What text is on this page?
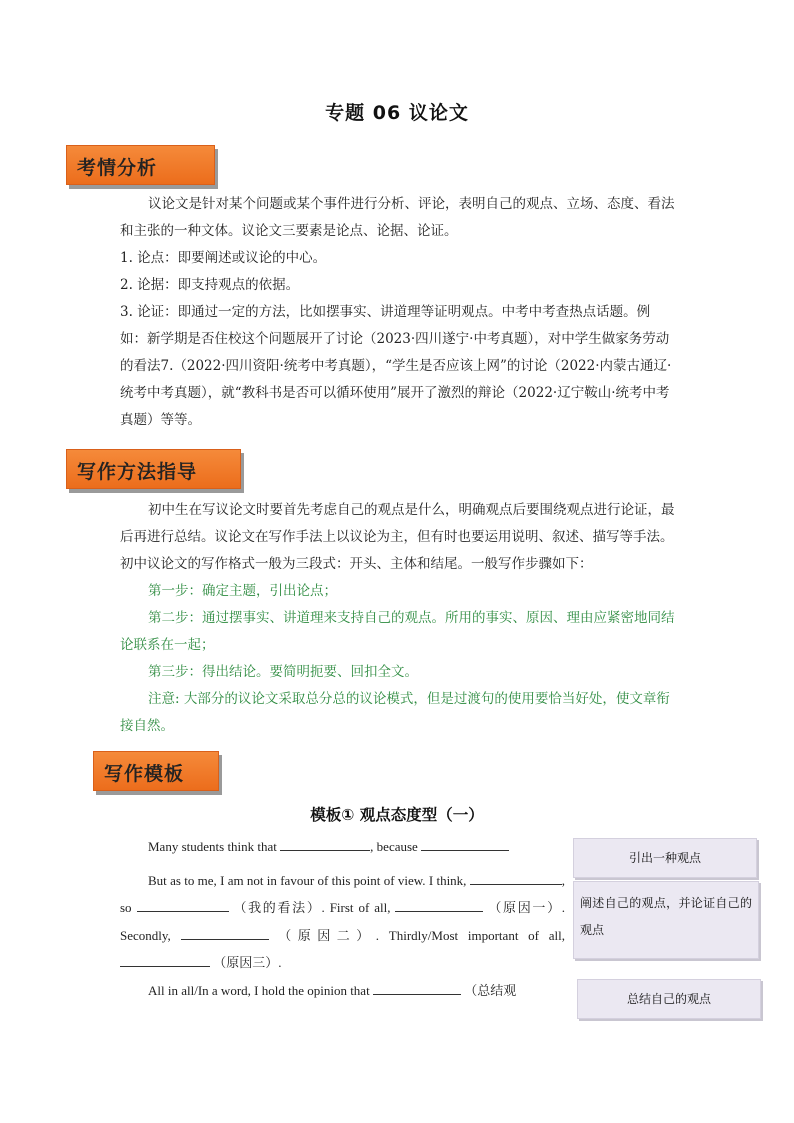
专题 06 议论文
考情分析

议论文是针对某个问题或某个事件进行分析、评论，表明自己的观点、立场、态度、看法和主张的一种文体。议论文三要素是论点、论据、论证。

1. 论点：即要阐述或议论的中心。

2. 论据：即支持观点的依据。

3. 论证：即通过一定的方法，比如摆事实、讲道理等证明观点。中考中考查热点话题。例如：新学期是否住校这个问题展开了讨论（2023·四川遂宁·中考真题），对中学生做家务劳动的看法7.（2022·四川资阳·统考中考真题），“学生是否应该上网”的讨论（2022·内蒙古通辽·统考中考真题），就“教科书是否可以循环使用”展开了激烈的辩论（2022·辽宁鞍山·统考中考真题）等等。

写作方法指导

初中生在写议论文时要首先考虑自己的观点是什么，明确观点后要围绕观点进行论证，最后再进行总结。议论文在写作手法上以议论为主，但有时也要运用说明、叙述、描写等手法。初中议论文的写作格式一般为三段式：开头、主体和结尾。一般写作步骤如下：

第一步：确定主题，引出论点；

第二步：通过摆事实、讲道理来支持自己的观点。所用的事实、原因、理由应紧密地同结论联系在一起；

第三步：得出结论。要简明扼要、回扣全文。

注意: 大部分的议论文采取总分总的议论模式，但是过渡句的使用要恰当好处，使文章衔接自然。

写作模板
模板① 观点态度型（一）

Many students think that	, because

But as to me, I am not in favour of this point of view. I think,	, so	（我的看法）. First of all,	（原因一）. Secondly,	（原因二）. Thirdly/Most important of all,  （原因三）.

All in all/In a word, I hold the opinion that	（总结观

引出一种观点
阐述自己的观点，并论证自己的观点
总结自己的观点
